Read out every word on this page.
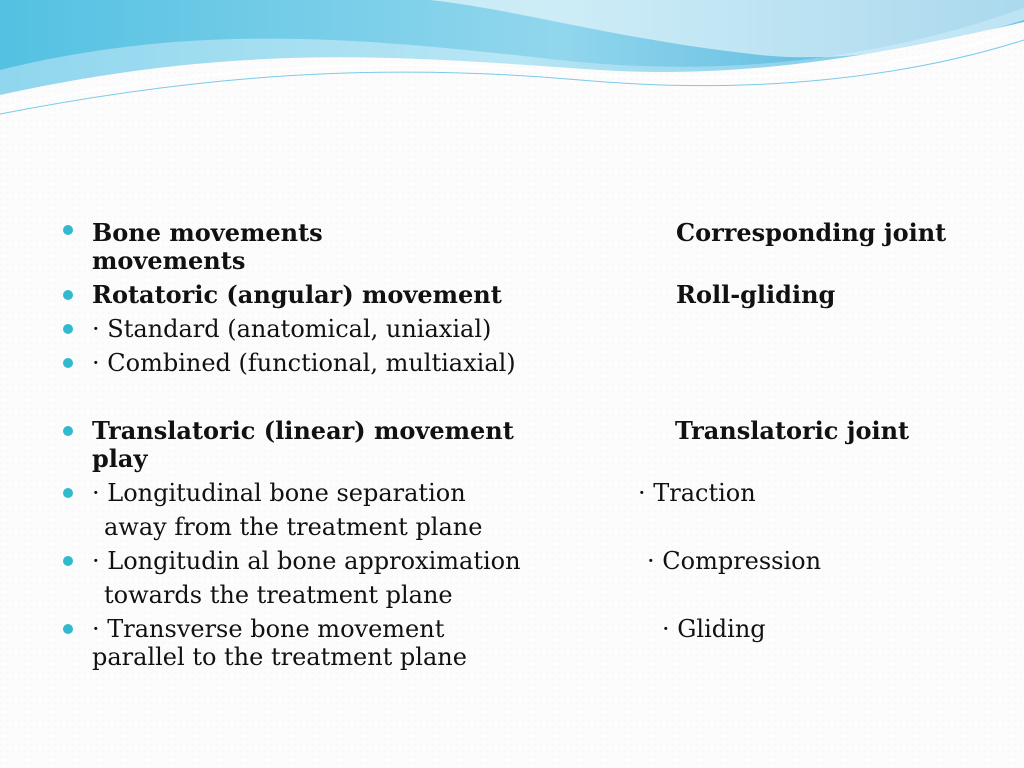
Bone movements	Corresponding joint
movements
Rotatoric (angular) movement	Roll-gliding
· Standard (anatomical, uniaxial)
· Combined (functional, multiaxial)
Translatoric (linear) movement	Translatoric joint
play
· Longitudinal bone separation	· Traction
away from the treatment plane
· Longitudin al bone approximation	· Compression
towards the treatment plane
· Transverse bone movement	· Gliding
parallel to the treatment plane
